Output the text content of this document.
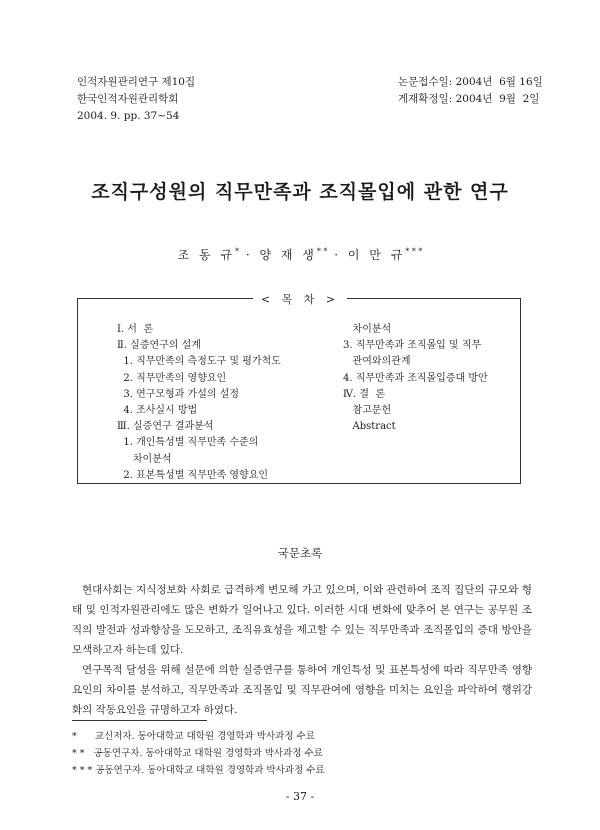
인적자원관리연구 제10집
한국인적자원관리학회
2004. 9. pp. 37~54
논문접수일: 2004년  6월 16일
게재확정일: 2004년  9월  2일
조직구성원의 직무만족과 조직몰입에 관한 연구
조 동 규* · 양 재 생* * · 이 만 규* * *
< 목 차 >
Ⅰ. 서  론
Ⅱ. 실증연구의 설계
1. 직무만족의 측정도구 및 평가척도
2. 직무만족의 영향요인
3. 연구모형과 가설의 설정
4. 조사실시 방법
Ⅲ. 실증연구 결과분석
1. 개인특성별 직무만족 수준의
차이분석
2. 표본특성별 직무만족 영향요인
차이분석
3. 직무만족과 조직몰입 및 직무
관여와의관계
4. 직무만족과 조직몰입증대 방안
Ⅳ. 결  론
참고문헌
Abstract
국문초록

현대사회는 지식정보화 사회로 급격하게 변모해 가고 있으며, 이와 관련하여 조직 집단의 규모와 형태 및 인적자원관리에도 많은 변화가 일어나고 있다. 이러한 시대 변화에 맞추어 본 연구는 공무원 조직의 발전과 성과향상을 도모하고, 조직유효성을 제고할 수 있는 직무만족과 조직몰입의 증대 방안을 모색하고자 하는데 있다.

연구목적 달성을 위해 설문에 의한 실증연구를 통하여 개인특성 및 표본특성에 따라 직무만족 영향요인의 차이를 분석하고, 직무만족과 조직몰입 및 직무관여에 영향을 미치는 요인을 파악하여 행위강화의 작동요인을 규명하고자 하였다.

*      교신저자. 동아대학교 대학원 경영학과 박사과정 수료
* *   공동연구자. 동아대학교 대학원 경영학과 박사과정 수료
* * * 공동연구자. 동아대학교 대학원 경영학과 박사과정 수료
- 37 -
